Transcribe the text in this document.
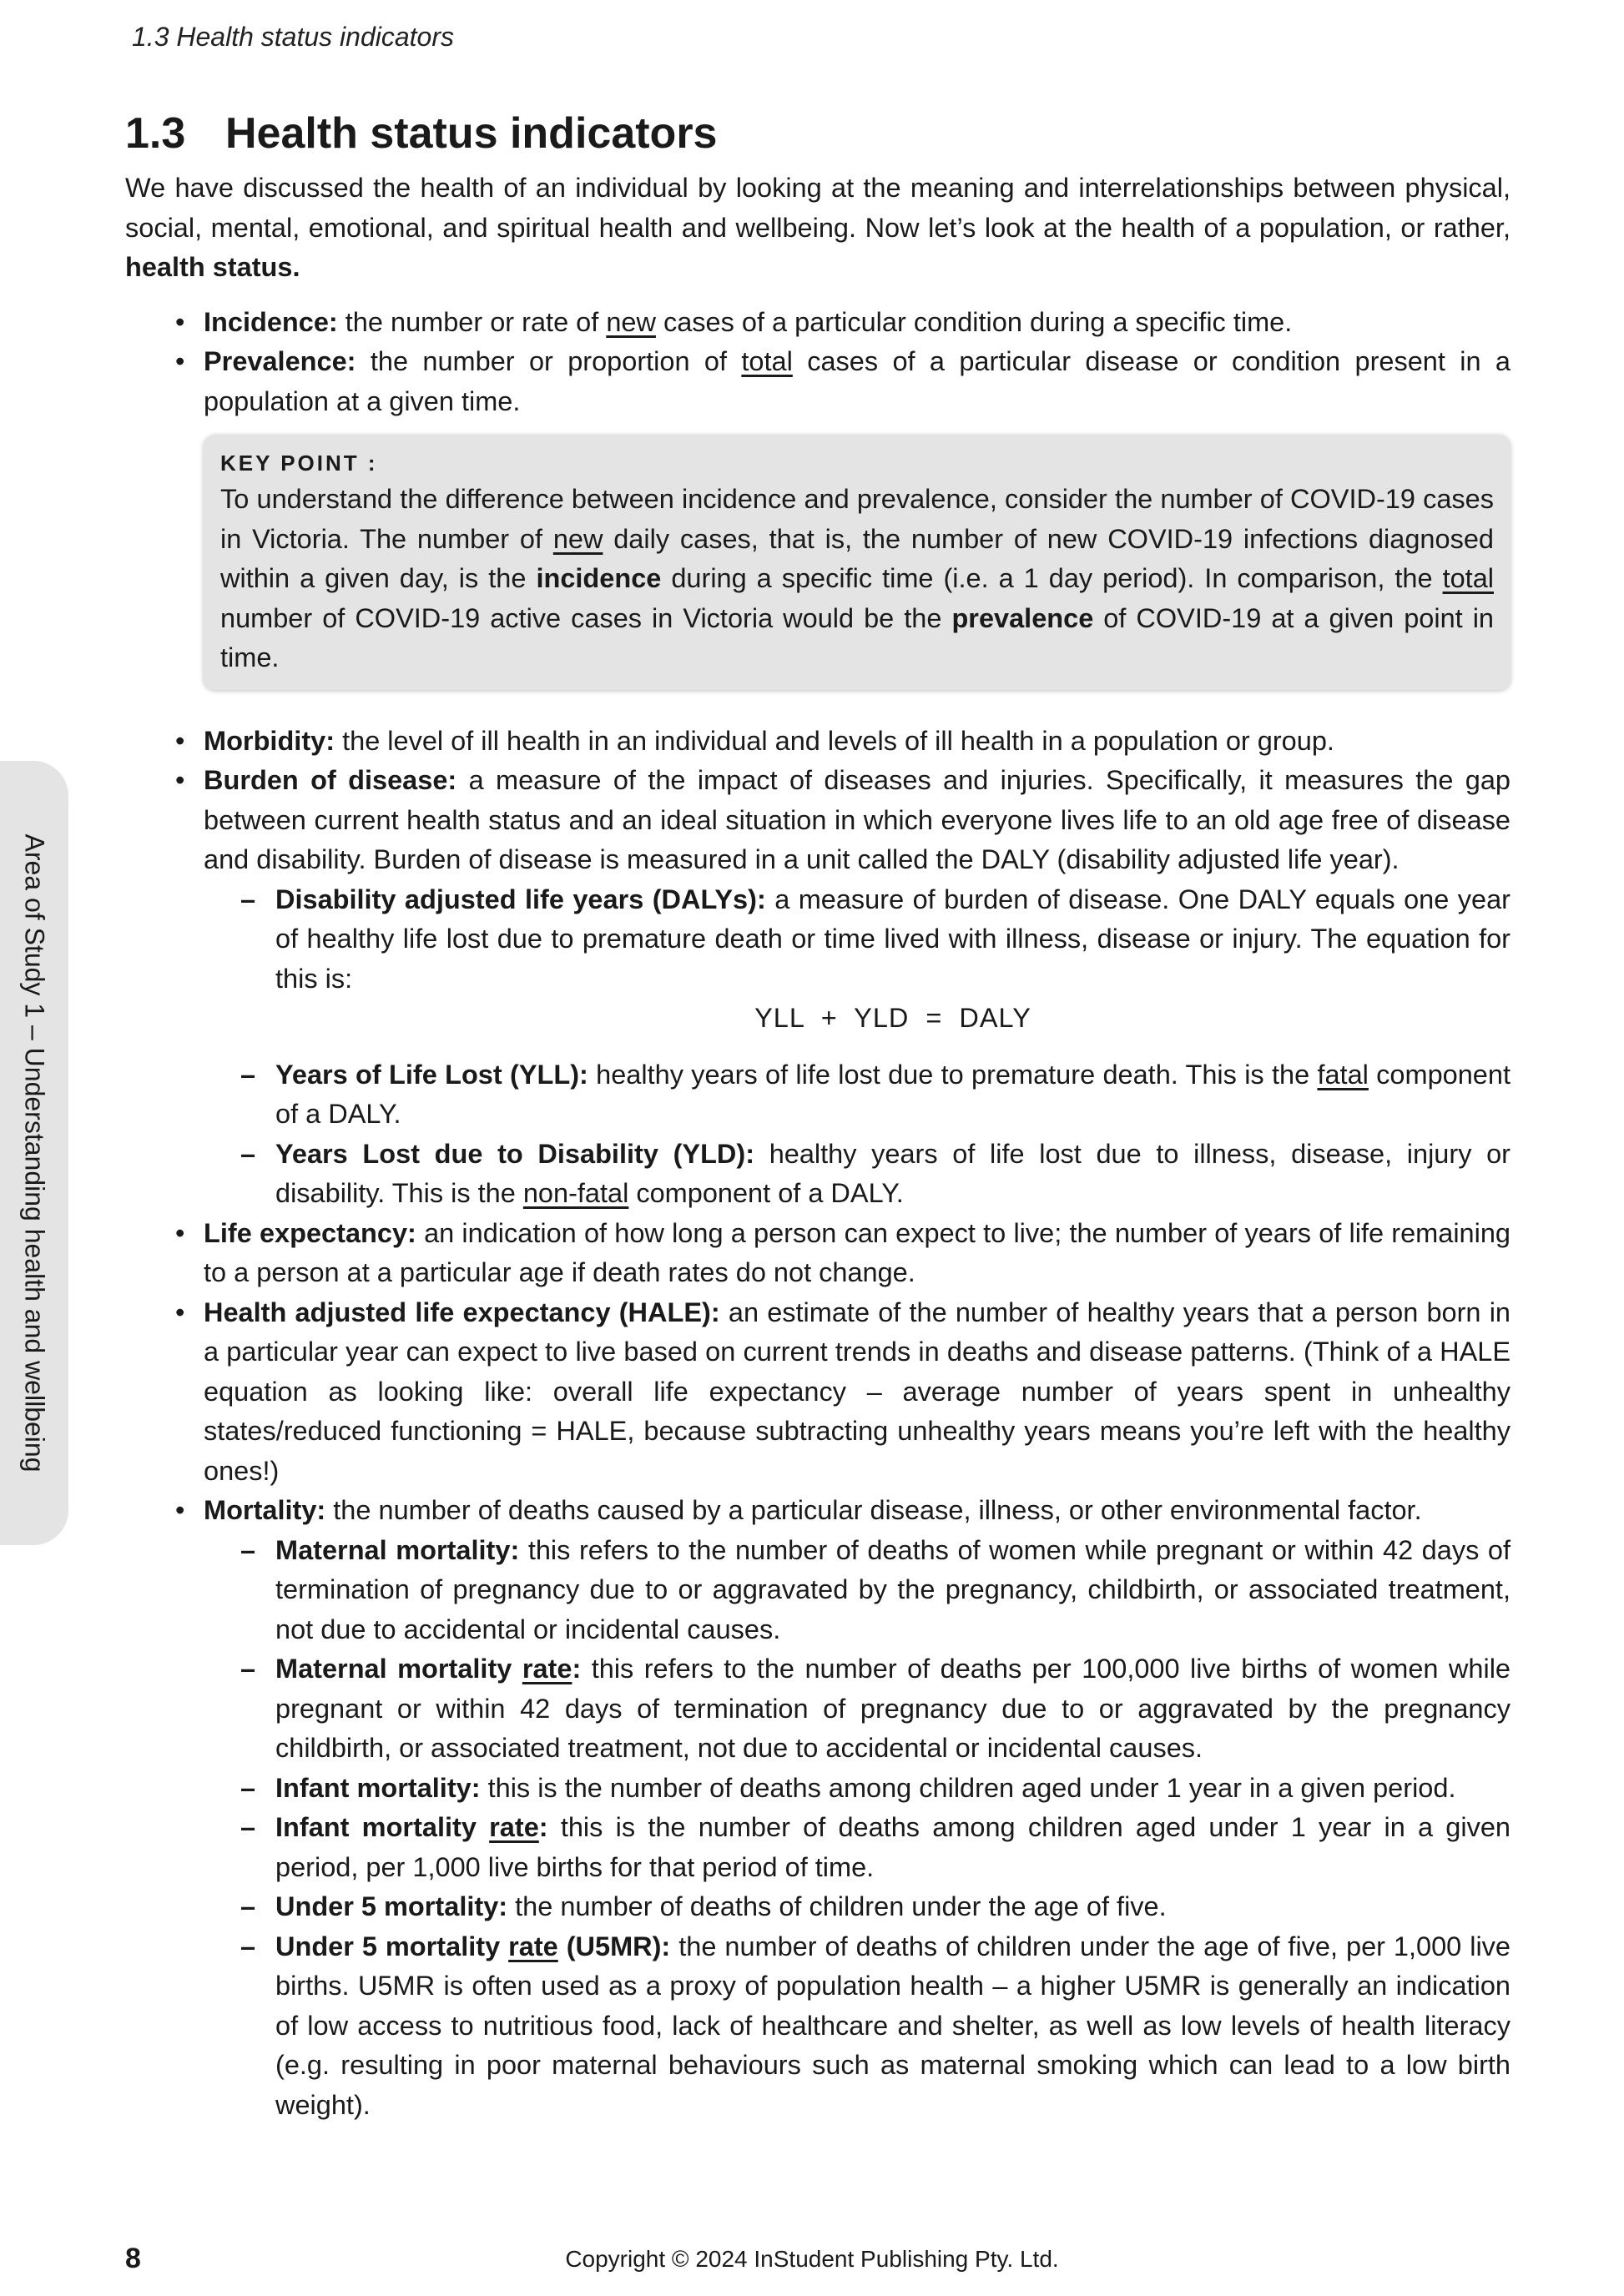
1.3 Health status indicators
Area of Study 1 – Understanding health and wellbeing
1.3 Health status indicators

We have discussed the health of an individual by looking at the meaning and interrelationships between physical, social, mental, emotional, and spiritual health and wellbeing. Now let’s look at the health of a population, or rather, health status.

• Incidence: the number or rate of new cases of a particular condition during a specific time.
• Prevalence: the number or proportion of total cases of a particular disease or condition present in a population at a given time.
KEY POINT :
To understand the difference between incidence and prevalence, consider the number of COVID-19 cases in Victoria. The number of new daily cases, that is, the number of new COVID-19 infections diagnosed within a given day, is the incidence during a specific time (i.e. a 1 day period). In comparison, the total number of COVID-19 active cases in Victoria would be the prevalence of COVID-19 at a given point in time.
• Morbidity: the level of ill health in an individual and levels of ill health in a population or group.
• Burden of disease: a measure of the impact of diseases and injuries. Specifically, it measures the gap between current health status and an ideal situation in which everyone lives life to an old age free of disease and disability. Burden of disease is measured in a unit called the DALY (disability adjusted life year).
– Disability adjusted life years (DALYs): a measure of burden of disease. One DALY equals one year of healthy life lost due to premature death or time lived with illness, disease or injury. The equation for this is:
YLL + YLD = DALY
– Years of Life Lost (YLL): healthy years of life lost due to premature death. This is the fatal component of a DALY.
– Years Lost due to Disability (YLD): healthy years of life lost due to illness, disease, injury or disability. This is the non-fatal component of a DALY.
• Life expectancy: an indication of how long a person can expect to live; the number of years of life remaining to a person at a particular age if death rates do not change.
• Health adjusted life expectancy (HALE): an estimate of the number of healthy years that a person born in a particular year can expect to live based on current trends in deaths and disease patterns. (Think of a HALE equation as looking like: overall life expectancy – average number of years spent in unhealthy states/reduced functioning = HALE, because subtracting unhealthy years means you’re left with the healthy ones!)
• Mortality: the number of deaths caused by a particular disease, illness, or other environmental factor.
– Maternal mortality: this refers to the number of deaths of women while pregnant or within 42 days of termination of pregnancy due to or aggravated by the pregnancy, childbirth, or associated treatment, not due to accidental or incidental causes.
– Maternal mortality rate: this refers to the number of deaths per 100,000 live births of women while pregnant or within 42 days of termination of pregnancy due to or aggravated by the pregnancy childbirth, or associated treatment, not due to accidental or incidental causes.
– Infant mortality: this is the number of deaths among children aged under 1 year in a given period.
– Infant mortality rate: this is the number of deaths among children aged under 1 year in a given period, per 1,000 live births for that period of time.
– Under 5 mortality: the number of deaths of children under the age of five.
– Under 5 mortality rate (U5MR): the number of deaths of children under the age of five, per 1,000 live births. U5MR is often used as a proxy of population health – a higher U5MR is generally an indication of low access to nutritious food, lack of healthcare and shelter, as well as low levels of health literacy (e.g. resulting in poor maternal behaviours such as maternal smoking which can lead to a low birth weight).
8	Copyright © 2024 InStudent Publishing Pty. Ltd.
